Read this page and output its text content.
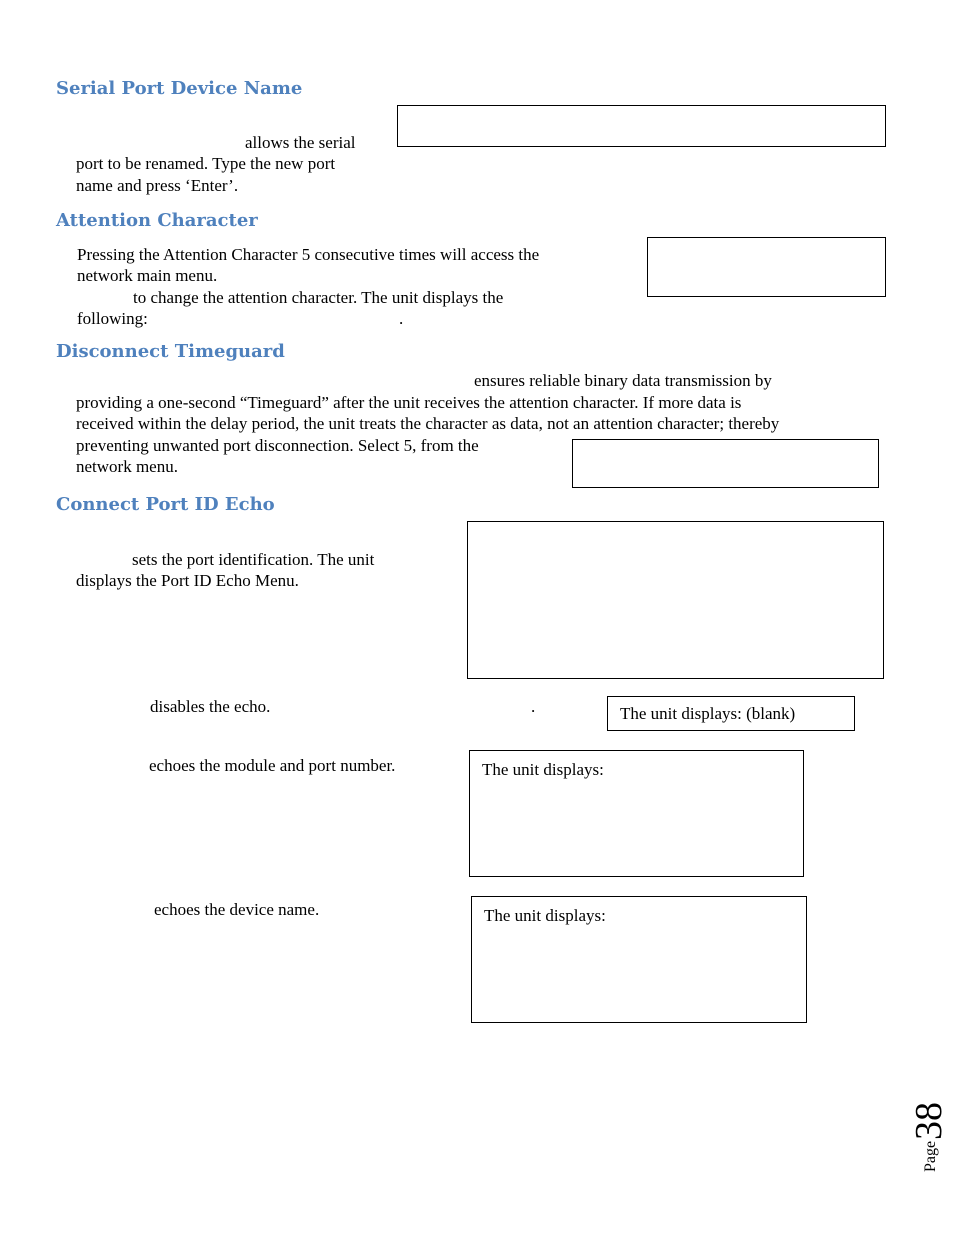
Serial Port Device Name
allows the serial
port to be renamed. Type the new port
name and press ‘Enter’.
Attention Character
Pressing the Attention Character 5 consecutive times will access the
network main menu.
to change the attention character. The unit displays the
following:	.
Disconnect Timeguard
ensures reliable binary data transmission by
providing a one-second “Timeguard” after the unit receives the attention character. If more data is
received within the delay period, the unit treats the character as data, not an attention character; thereby
preventing unwanted port disconnection. Select 5, from the
network menu.
Connect Port ID Echo
sets the port identification. The unit
displays the Port ID Echo Menu.
disables the echo.	.	The unit displays: (blank)
echoes the module and port number.	The unit displays:
echoes the device name.	The unit displays:
Page
38
